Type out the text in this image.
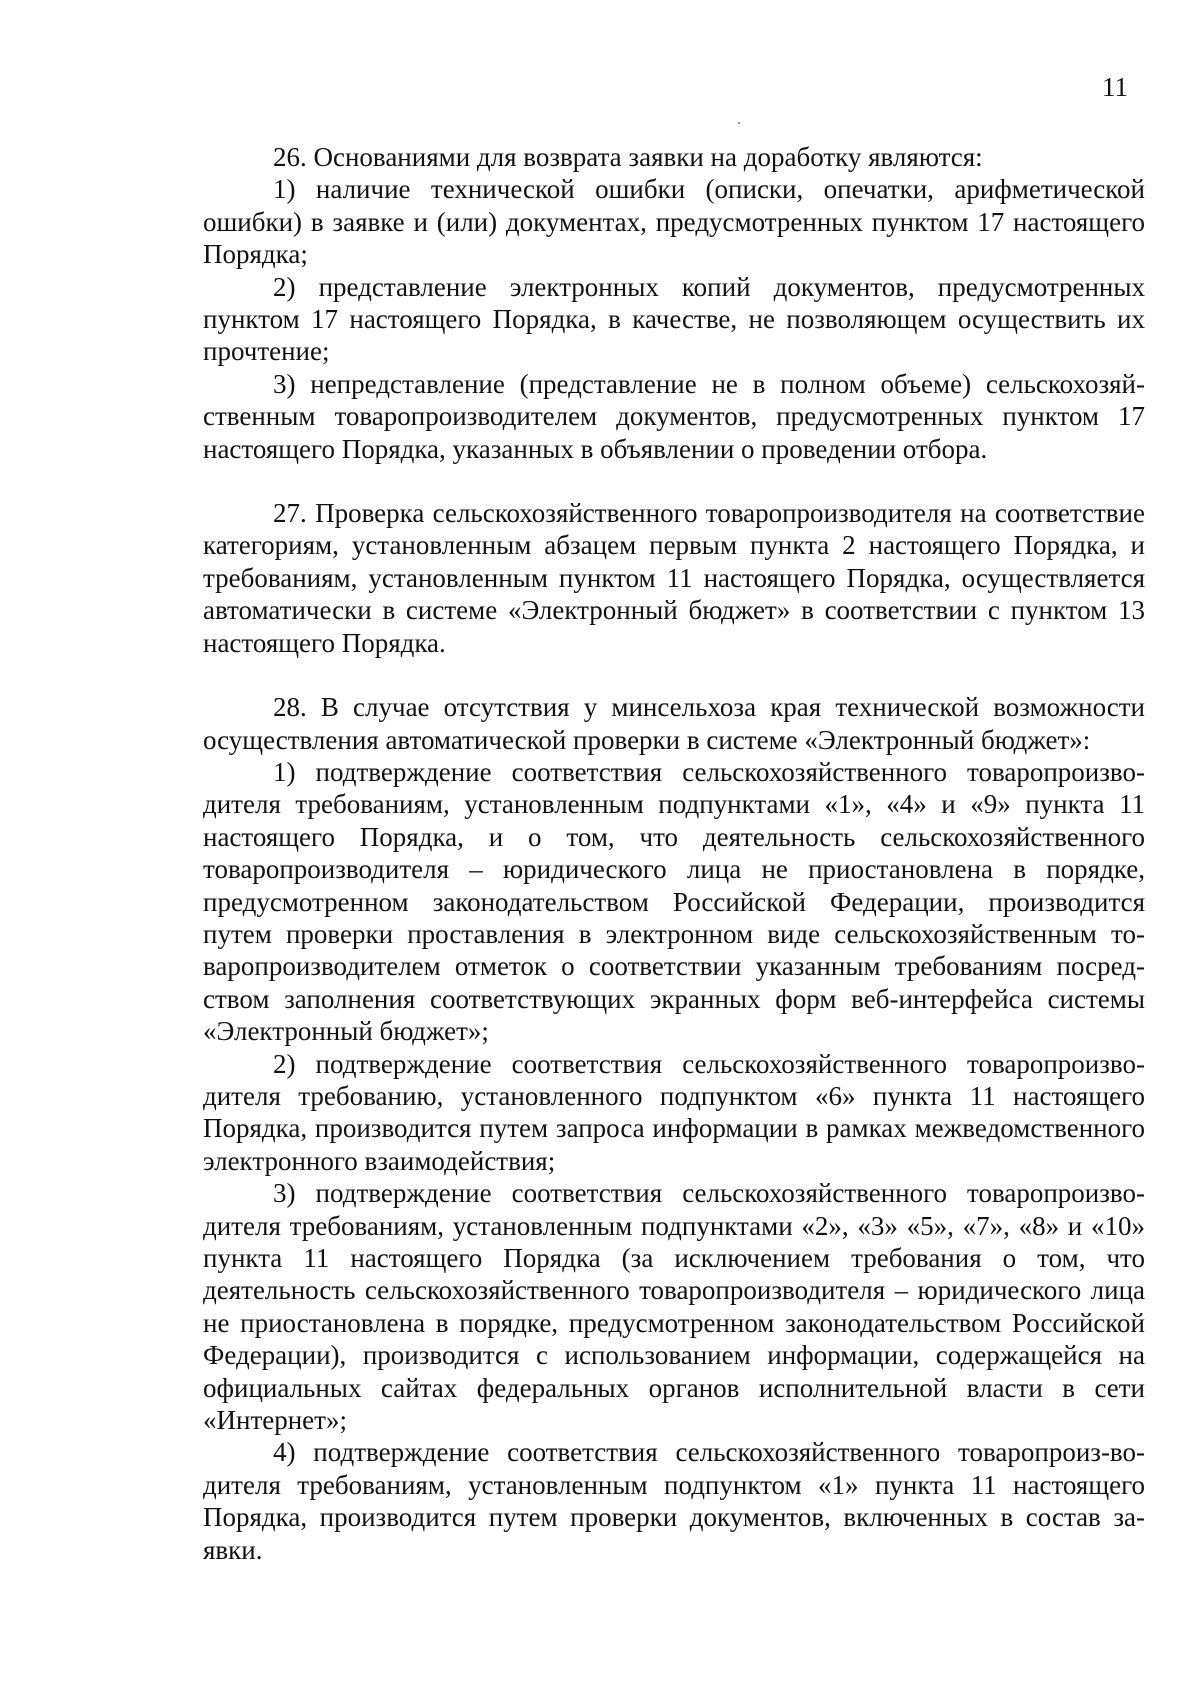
11

26. Основаниями для возврата заявки на доработку являются:

1) наличие технической ошибки (описки, опечатки, арифметической ошибки) в заявке и (или) документах, предусмотренных пунктом 17 настоящего Порядка;

2) представление электронных копий документов, предусмотренных пунктом 17 настоящего Порядка, в качестве, не позволяющем осуществить их прочтение;

3) непредставление (представление не в полном объеме) сельскохозяйственным товаропроизводителем документов, предусмотренных пунктом 17 настоящего Порядка, указанных в объявлении о проведении отбора.

27. Проверка сельскохозяйственного товаропроизводителя на соответствие категориям, установленным абзацем первым пункта 2 настоящего Порядка, и требованиям, установленным пунктом 11 настоящего Порядка, осуществляется автоматически в системе «Электронный бюджет» в соответствии с пунктом 13 настоящего Порядка.

28. В случае отсутствия у минсельхоза края технической возможности осуществления автоматической проверки в системе «Электронный бюджет»:

1) подтверждение соответствия сельскохозяйственного товаропроизводителя требованиям, установленным подпунктами «1», «4» и «9» пункта 11 настоящего Порядка, и о том, что деятельность сельскохозяйственного товаропроизводителя – юридического лица не приостановлена в порядке, предусмотренном законодательством Российской Федерации, производится путем проверки проставления в электронном виде сельскохозяйственным товаропроизводителем отметок о соответствии указанным требованиям посредством заполнения соответствующих экранных форм веб-интерфейса системы «Электронный бюджет»;

2) подтверждение соответствия сельскохозяйственного товаропроизводителя требованию, установленного подпунктом «6» пункта 11 настоящего Порядка, производится путем запроса информации в рамках межведомственного электронного взаимодействия;

3) подтверждение соответствия сельскохозяйственного товаропроизводителя требованиям, установленным подпунктами «2», «3» «5», «7», «8» и «10» пункта 11 настоящего Порядка (за исключением требования о том, что деятельность сельскохозяйственного товаропроизводителя – юридического лица не приостановлена в порядке, предусмотренном законодательством Российской Федерации), производится с использованием информации, содержащейся на официальных сайтах федеральных органов исполнительной власти в сети «Интернет»;

4) подтверждение соответствия сельскохозяйственного товаропроиз-водителя требованиям, установленным подпунктом «1» пункта 11 настоящего Порядка, производится путем проверки документов, включенных в состав заявки.
